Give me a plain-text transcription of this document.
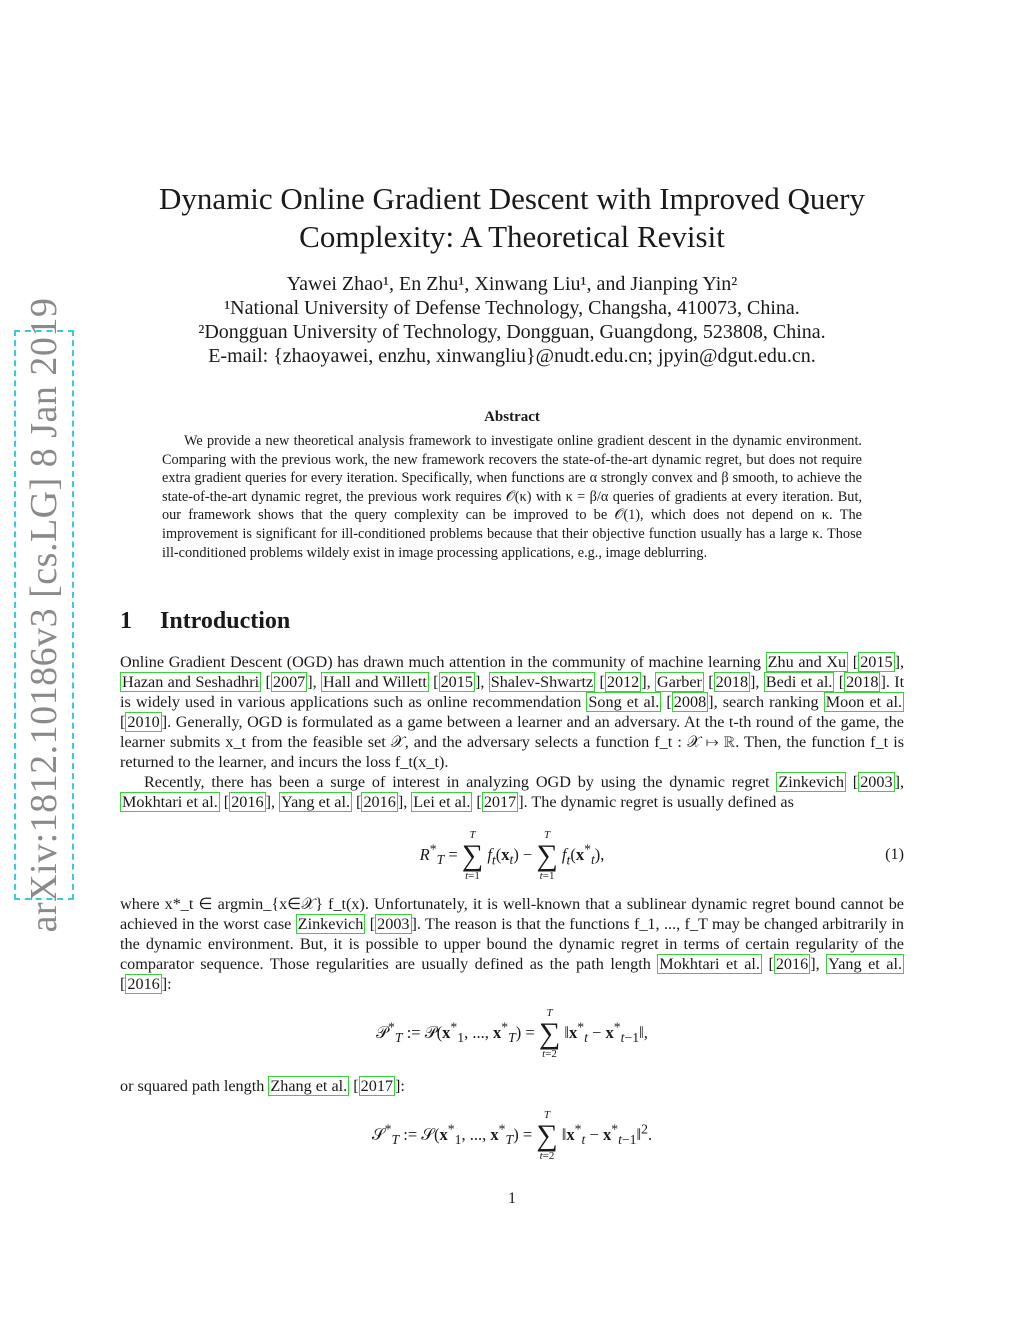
arXiv:1812.10186v3 [cs.LG] 8 Jan 2019
Dynamic Online Gradient Descent with Improved Query
Complexity: A Theoretical Revisit
Yawei Zhao¹, En Zhu¹, Xinwang Liu¹, and Jianping Yin²
¹National University of Defense Technology, Changsha, 410073, China.
²Dongguan University of Technology, Dongguan, Guangdong, 523808, China.
E-mail: {zhaoyawei, enzhu, xinwangliu}@nudt.edu.cn; jpyin@dgut.edu.cn.
Abstract

We provide a new theoretical analysis framework to investigate online gradient descent in the dynamic environment. Comparing with the previous work, the new framework recovers the state-of-the-art dynamic regret, but does not require extra gradient queries for every iteration. Specifically, when functions are α strongly convex and β smooth, to achieve the state-of-the-art dynamic regret, the previous work requires 𝒪(κ) with κ = β/α queries of gradients at every iteration. But, our framework shows that the query complexity can be improved to be 𝒪(1), which does not depend on κ. The improvement is significant for ill-conditioned problems because that their objective function usually has a large κ. Those ill-conditioned problems wildely exist in image processing applications, e.g., image deblurring.

1 Introduction

Online Gradient Descent (OGD) has drawn much attention in the community of machine learning Zhu and Xu [ 2015 ], Hazan and Seshadhri [ 2007 ], Hall and Willett [ 2015 ], Shalev-Shwartz [ 2012 ], Garber [ 2018 ], Bedi et al. [ 2018 ]. It is widely used in various applications such as online recommendation Song et al. [ 2008 ], search ranking Moon et al. [ 2010 ]. Generally, OGD is formulated as a game between a learner and an adversary. At the t-th round of the game, the learner submits x_t from the feasible set 𝒳, and the adversary selects a function f_t : 𝒳 ↦ ℝ. Then, the function f_t is returned to the learner, and incurs the loss f_t(x_t).

Recently, there has been a surge of interest in analyzing OGD by using the dynamic regret Zinkevich [ 2003 ], Mokhtari et al. [ 2016 ], Yang et al. [ 2016 ], Lei et al. [ 2017 ]. The dynamic regret is usually defined as

$R^*_T$ =
T
∑
t=1
$f_t(x_t)$ −
T
∑
t=1
$f_t(x^*_t)$,	(1)

where x*_t ∈ argmin_{x∈𝒳} f_t(x). Unfortunately, it is well-known that a sublinear dynamic regret bound cannot be achieved in the worst case Zinkevich [ 2003 ]. The reason is that the functions f_1, ..., f_T may be changed arbitrarily in the dynamic environment. But, it is possible to upper bound the dynamic regret in terms of certain regularity of the comparator sequence. Those regularities are usually defined as the path length Mokhtari et al. [ 2016 ], Yang et al. [ 2016 ]:

𝒫*$_T$ := $𝒫(x^*_1$, ..., $x^*_T$) =
T
∑
t=2
$‖x^*_t$ − $x^*_{t-1}‖$,

or squared path length Zhang et al. [ 2017 ]:

𝒮*$_T$ := $𝒮(x^*_1$, ..., $x^*_T$) =
T
∑
t=2
$‖x^*_t$ − $x^*_{t-1}‖^2$.
1
